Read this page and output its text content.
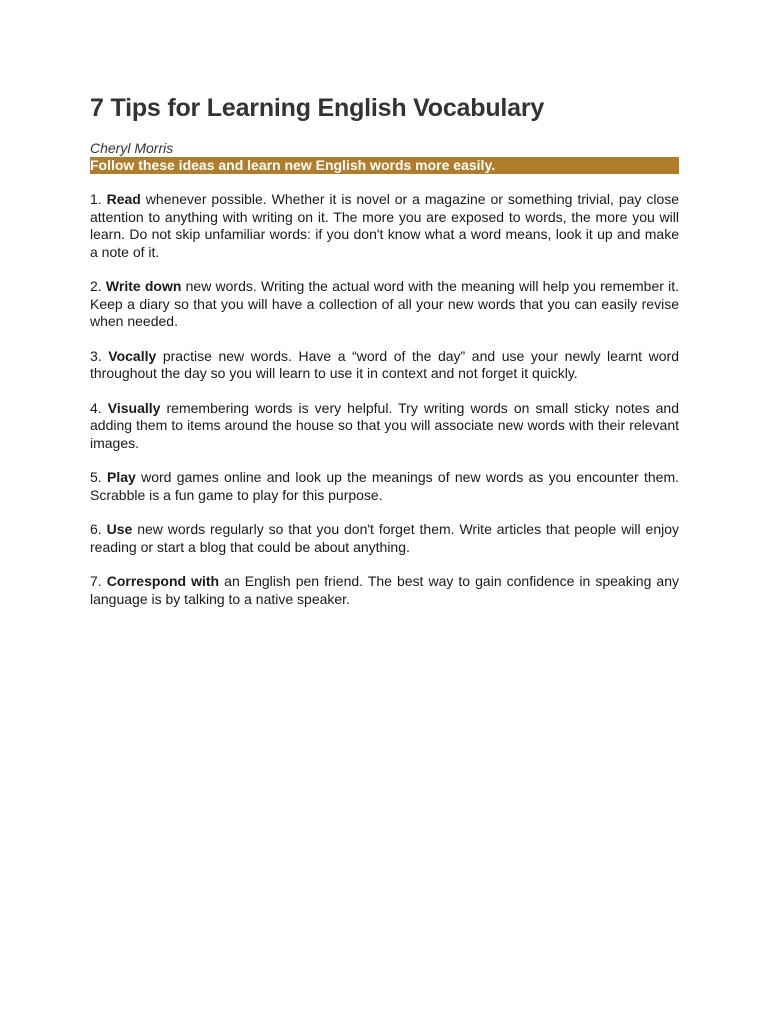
7 Tips for Learning English Vocabulary
Cheryl Morris
Follow these ideas and learn new English words more easily.

1. Read whenever possible. Whether it is novel or a magazine or something trivial, pay close attention to anything with writing on it. The more you are exposed to words, the more you will learn. Do not skip unfamiliar words: if you don't know what a word means, look it up and make a note of it.

2. Write down new words. Writing the actual word with the meaning will help you remember it. Keep a diary so that you will have a collection of all your new words that you can easily revise when needed.

3. Vocally practise new words. Have a “word of the day” and use your newly learnt word throughout the day so you will learn to use it in context and not forget it quickly.

4. Visually remembering words is very helpful. Try writing words on small sticky notes and adding them to items around the house so that you will associate new words with their relevant images.

5. Play word games online and look up the meanings of new words as you encounter them. Scrabble is a fun game to play for this purpose.

6. Use new words regularly so that you don't forget them. Write articles that people will enjoy reading or start a blog that could be about anything.

7. Correspond with an English pen friend. The best way to gain confidence in speaking any language is by talking to a native speaker.
